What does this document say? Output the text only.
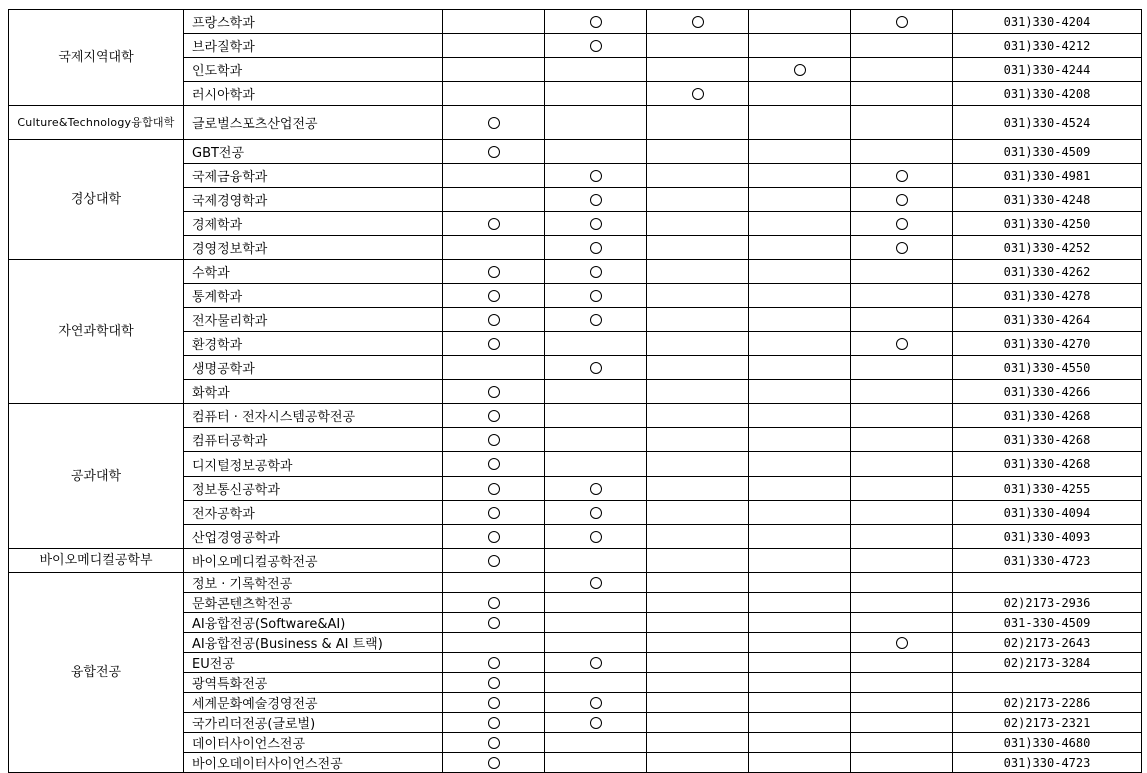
국제지역대학	프랑스학과						031)330-4204
	브라질학과						031)330-4212
	인도학과						031)330-4244
	러시아학과						031)330-4208
Culture&Technology융합대학	글로벌스포츠산업전공						031)330-4524
경상대학	GBT전공						031)330-4509
	국제금융학과						031)330-4981
	국제경영학과						031)330-4248
	경제학과						031)330-4250
	경영정보학과						031)330-4252
자연과학대학	수학과						031)330-4262
	통계학과						031)330-4278
	전자물리학과						031)330-4264
	환경학과						031)330-4270
	생명공학과						031)330-4550
	화학과						031)330-4266
공과대학	컴퓨터 · 전자시스템공학전공						031)330-4268
	컴퓨터공학과						031)330-4268
	디지털정보공학과						031)330-4268
	정보통신공학과						031)330-4255
	전자공학과						031)330-4094
	산업경영공학과						031)330-4093
바이오메디컬공학부	바이오메디컬공학전공						031)330-4723
융합전공	정보 · 기록학전공						
	문화콘텐츠학전공						02)2173-2936
	AI융합전공(Software&AI)						031-330-4509
	AI융합전공(Business & AI 트랙)						02)2173-2643
	EU전공						02)2173-3284
	광역특화전공						
	세계문화예술경영전공						02)2173-2286
	국가리더전공(글로벌)						02)2173-2321
	데이터사이언스전공						031)330-4680
	바이오데이터사이언스전공						031)330-4723
